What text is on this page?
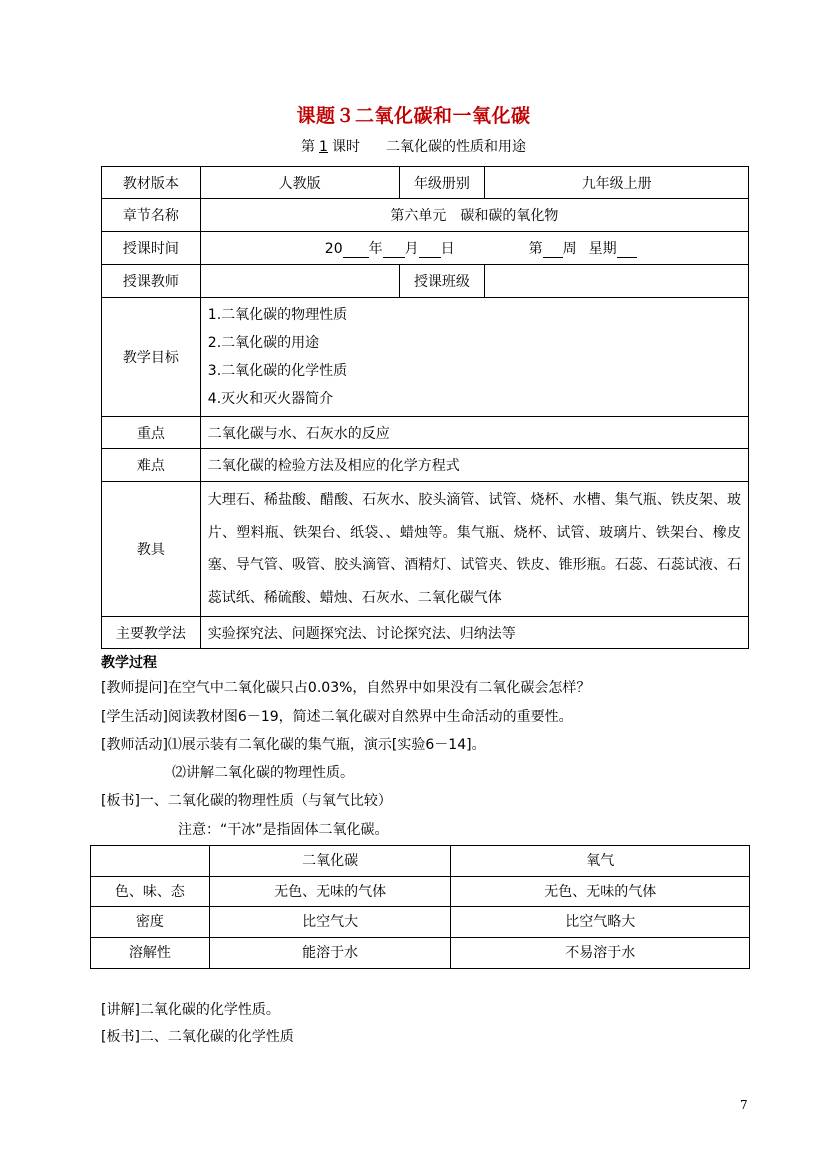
课题３二氧化碳和一氧化碳
第 1 课时 二氧化碳的性质和用途
教材版本	人教版	年级册别	九年级上册
章节名称	第六单元　碳和碳的氧化物		
授课时间	20 年 月 日 第 周 星期		
授课教师		授课班级	
教学目标	1.二氧化碳的物理性质
2.二氧化碳的用途
3.二氧化碳的化学性质
4.灭火和灭火器简介		

重点	二氧化碳与水、石灰水的反应		
难点	二氧化碳的检验方法及相应的化学方程式		
教具	大理石、稀盐酸、醋酸、石灰水、胶头滴管、试管、烧杯、水槽、集气瓶、铁皮架、玻片、塑料瓶、铁架台、纸袋、、蜡烛等。集气瓶、烧杯、试管、玻璃片、铁架台、橡皮塞、导气管、吸管、胶头滴管、酒精灯、试管夹、铁皮、锥形瓶。石蕊、石蕊试液、石蕊试纸、稀硫酸、蜡烛、石灰水、二氧化碳气体		
主要教学法	实验探究法、问题探究法、讨论探究法、归纳法等		
教学过程
[教师提问]在空气中二氧化碳只占0.03%，自然界中如果没有二氧化碳会怎样？
[学生活动]阅读教材图6－19，简述二氧化碳对自然界中生命活动的重要性。
[教师活动]⑴展示装有二氧化碳的集气瓶，演示[实验6－14]。
⑵讲解二氧化碳的物理性质。
[板书]一、二氧化碳的物理性质（与氧气比较）
注意：“干冰”是指固体二氧化碳。
	二氧化碳	氧气
色、味、态	无色、无味的气体	无色、无味的气体
密度	比空气大	比空气略大
溶解性	能溶于水	不易溶于水
[讲解]二氧化碳的化学性质。
[板书]二、二氧化碳的化学性质
7
